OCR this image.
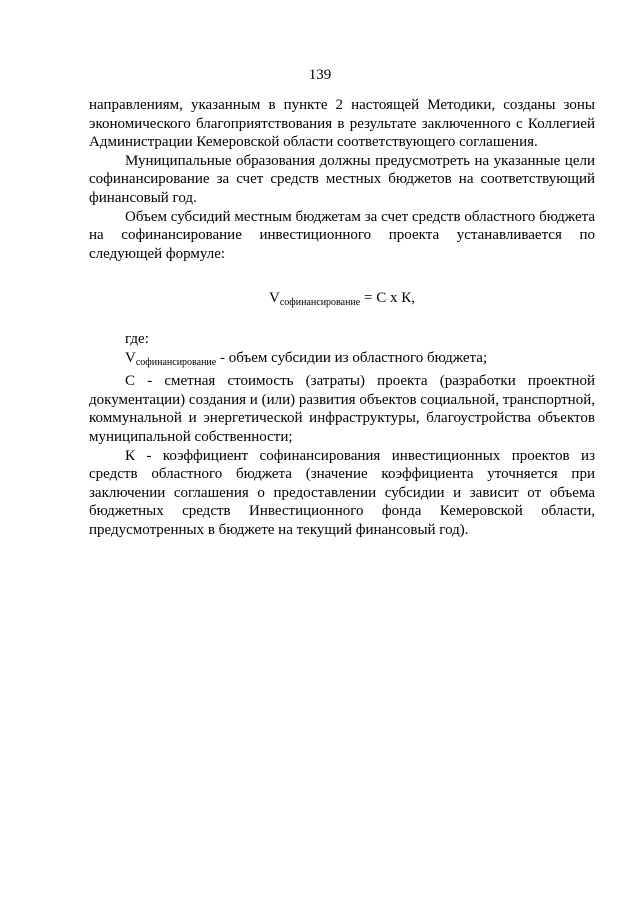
139

направлениям, указанным в пункте 2 настоящей Методики, созданы зоны экономического благоприятствования в результате заключенного с Коллегией Администрации Кемеровской области соответствующего соглашения.

Муниципальные образования должны предусмотреть на указанные цели софинансирование за счет средств местных бюджетов на соответствующий финансовый год.

Объем субсидий местным бюджетам за счет средств областного бюджета на софинансирование инвестиционного проекта устанавливается по следующей формуле:

$V_{софинансирование} = С$ х К,

где:

$V_{софинансирование}$ - объем субсидии из областного бюджета;

С - сметная стоимость (затраты) проекта (разработки проектной документации) создания и (или) развития объектов социальной, транспортной, коммунальной и энергетической инфраструктуры, благоустройства объектов муниципальной собственности;

К - коэффициент софинансирования инвестиционных проектов из средств областного бюджета (значение коэффициента уточняется при заключении соглашения о предоставлении субсидии и зависит от объема бюджетных средств Инвестиционного фонда Кемеровской области, предусмотренных в бюджете на текущий финансовый год).
